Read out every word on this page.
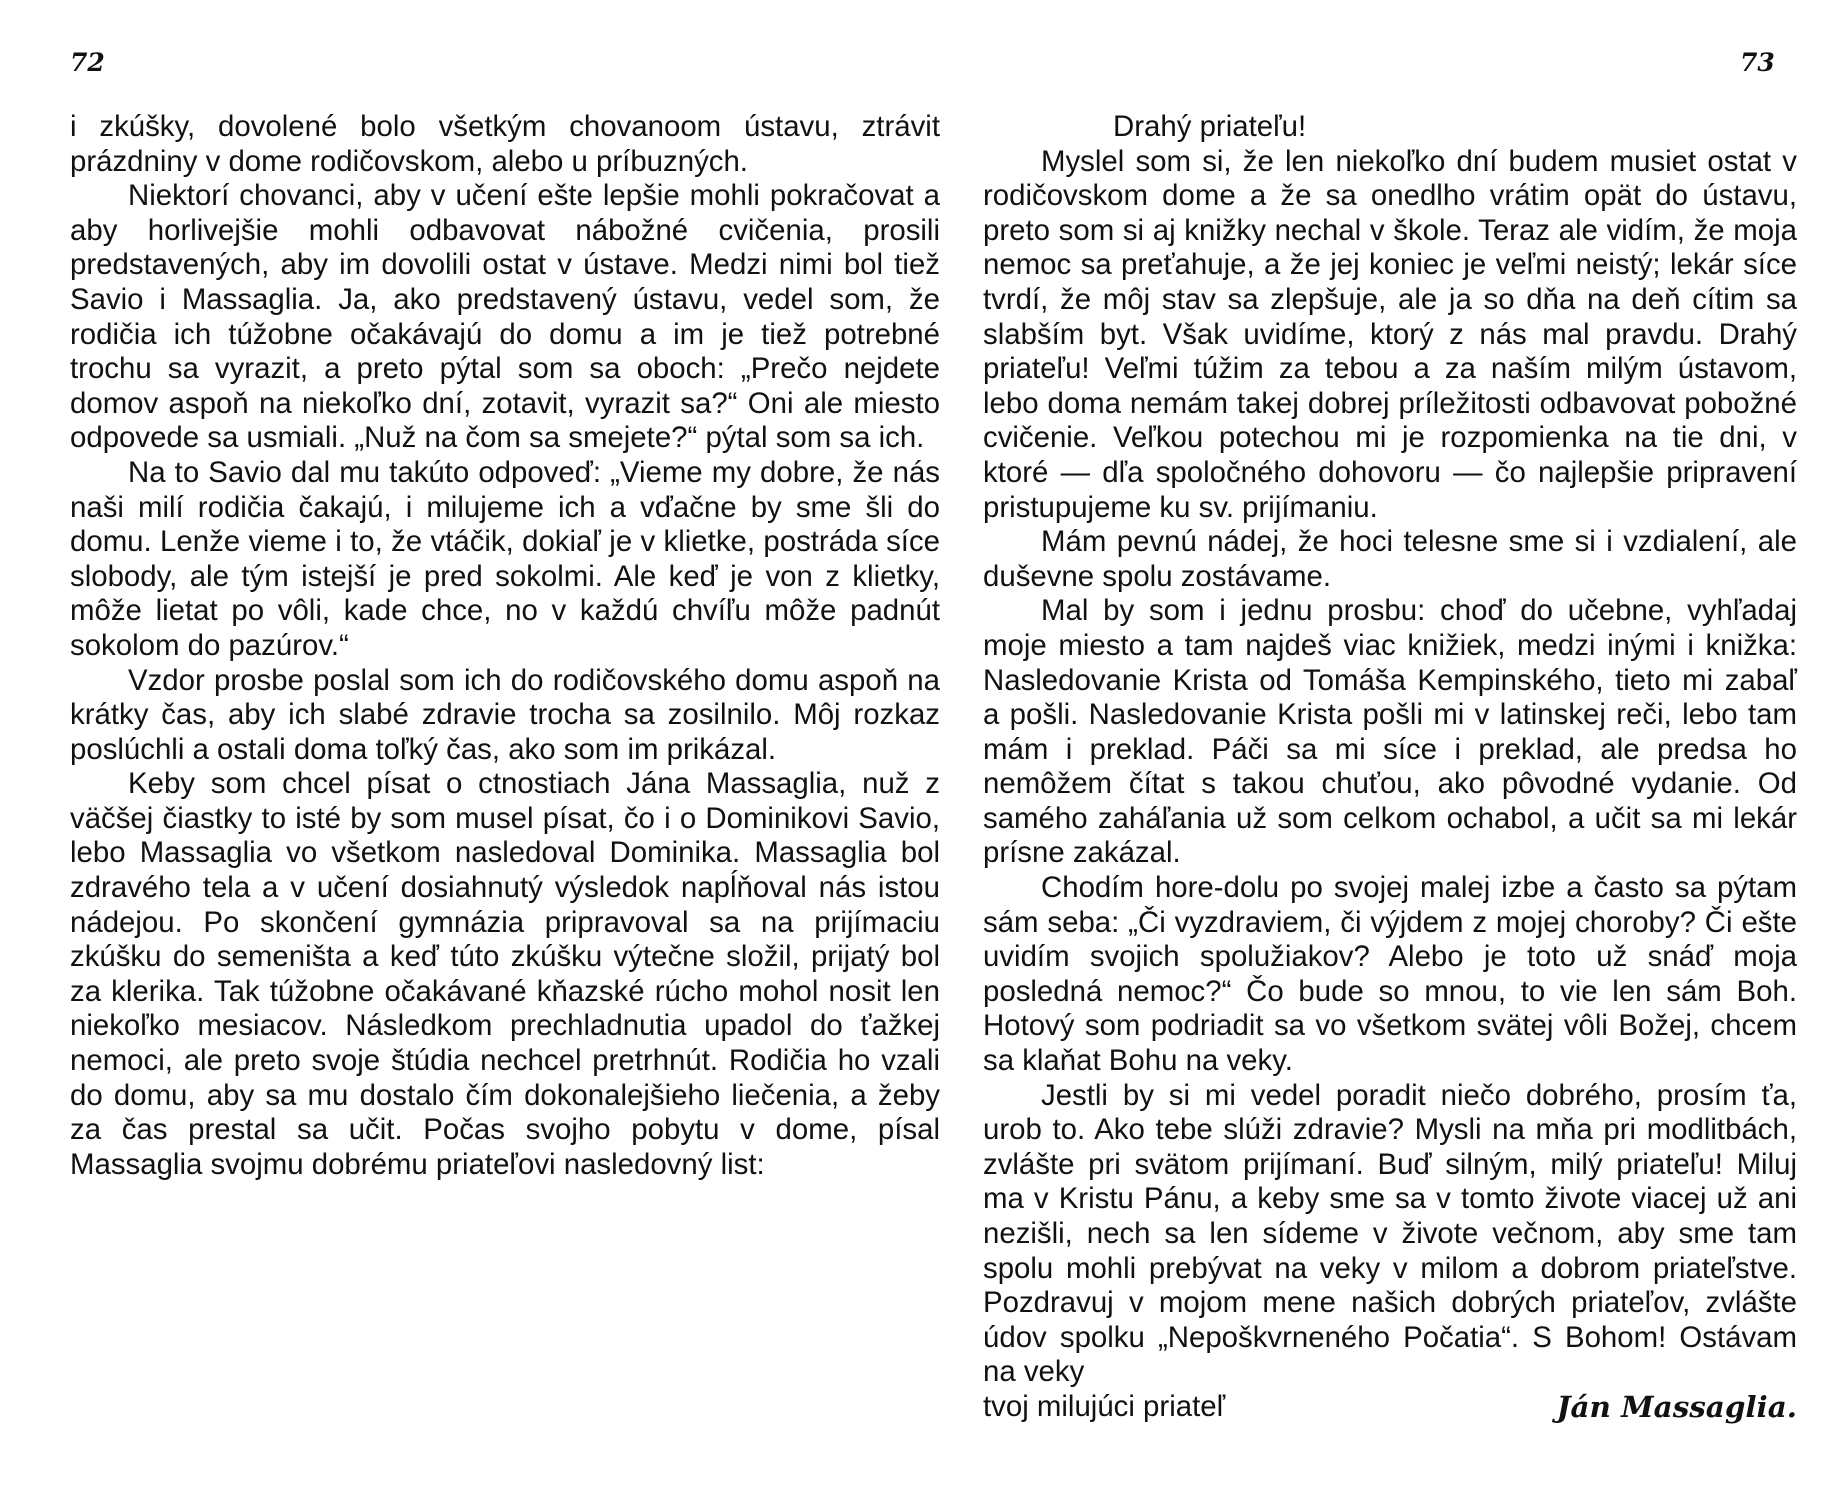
72	73

i zkúšky, dovolené bolo všetkým chovanoom ústavu, ztrávit prázdniny v dome rodičovskom, alebo u príbuzných.

Niektorí chovanci, aby v učení ešte lepšie mohli pokračovat a aby horlivejšie mohli odbavovat nábožné cvičenia, prosili predstavených, aby im dovolili ostat v ústave. Medzi nimi bol tiež Savio i Massaglia. Ja, ako predstavený ústavu, vedel som, že rodičia ich túžobne očakávajú do domu a im je tiež potrebné trochu sa vyrazit, a preto pýtal som sa oboch: „Prečo nejdete domov aspoň na niekoľko dní, zotavit, vyrazit sa?“ Oni ale miesto odpovede sa usmiali. „Nuž na čom sa smejete?“ pýtal som sa ich.

Na to Savio dal mu takúto odpoveď: „Vieme my dobre, že nás naši milí rodičia čakajú, i milujeme ich a vďačne by sme šli do domu. Lenže vieme i to, že vtáčik, dokiaľ je v klietke, postráda síce slobody, ale tým istejší je pred sokolmi. Ale keď je von z klietky, môže lietat po vôli, kade chce, no v každú chvíľu môže padnút sokolom do pazúrov.“

Vzdor prosbe poslal som ich do rodičovského domu aspoň na krátky čas, aby ich slabé zdravie trocha sa zosilnilo. Môj rozkaz poslúchli a ostali doma toľký čas, ako som im prikázal.

Keby som chcel písat o ctnostiach Jána Massaglia, nuž z väčšej čiastky to isté by som musel písat, čo i o Dominikovi Savio, lebo Massaglia vo všetkom nasledoval Dominika. Massaglia bol zdravého tela a v učení dosiahnutý výsledok napĺňoval nás istou nádejou. Po skončení gymnázia pripravoval sa na prijímaciu zkúšku do semeništa a keď túto zkúšku výtečne složil, prijatý bol za klerika. Tak túžobne očakávané kňazské rúcho mohol nosit len niekoľko mesiacov. Následkom prechladnutia upadol do ťažkej nemoci, ale preto svoje štúdia nechcel pretrhnút. Rodičia ho vzali do domu, aby sa mu dostalo čím dokonalejšieho liečenia, a žeby za čas prestal sa učit. Počas svojho pobytu v dome, písal Massaglia svojmu dobrému priateľovi nasledovný list:

Drahý priateľu!

Myslel som si, že len niekoľko dní budem musiet ostat v rodičovskom dome a že sa onedlho vrátim opät do ústavu, preto som si aj knižky nechal v škole. Teraz ale vidím, že moja nemoc sa preťahuje, a že jej koniec je veľmi neistý; lekár síce tvrdí, že môj stav sa zlepšuje, ale ja so dňa na deň cítim sa slabším byt. Však uvidíme, ktorý z nás mal pravdu. Drahý priateľu! Veľmi túžim za tebou a za naším milým ústavom, lebo doma nemám takej dobrej príležitosti odbavovat pobožné cvičenie. Veľkou potechou mi je rozpomienka na tie dni, v ktoré — dľa spoločného dohovoru — čo najlepšie pripravení pristupujeme ku sv. prijímaniu.

Mám pevnú nádej, že hoci telesne sme si i vzdialení, ale duševne spolu zostávame.

Mal by som i jednu prosbu: choď do učebne, vyhľadaj moje miesto a tam najdeš viac knižiek, medzi inými i knižka: Nasledovanie Krista od Tomáša Kempinského, tieto mi zabaľ a pošli. Nasledovanie Krista pošli mi v latinskej reči, lebo tam mám i preklad. Páči sa mi síce i preklad, ale predsa ho nemôžem čítat s takou chuťou, ako pôvodné vydanie. Od samého zaháľania už som celkom ochabol, a učit sa mi lekár prísne zakázal.

Chodím hore-dolu po svojej malej izbe a často sa pýtam sám seba: „Či vyzdraviem, či výjdem z mojej choroby? Či ešte uvidím svojich spolužiakov? Alebo je toto už snáď moja posledná nemoc?“ Čo bude so mnou, to vie len sám Boh. Hotový som podriadit sa vo všetkom svätej vôli Božej, chcem sa klaňat Bohu na veky.

Jestli by si mi vedel poradit niečo dobrého, prosím ťa, urob to. Ako tebe slúži zdravie? Mysli na mňa pri modlitbách, zvlášte pri svätom prijímaní. Buď silným, milý priateľu! Miluj ma v Kristu Pánu, a keby sme sa v tomto živote viacej už ani nezišli, nech sa len sídeme v živote večnom, aby sme tam spolu mohli prebývat na veky v milom a dobrom priateľstve. Pozdravuj v mojom mene našich dobrých priateľov, zvlášte údov spolku „Nepoškvrneného Počatia“. S Bohom! Ostávam na veky

tvoj milujúci priateľ	Ján Massaglia.
